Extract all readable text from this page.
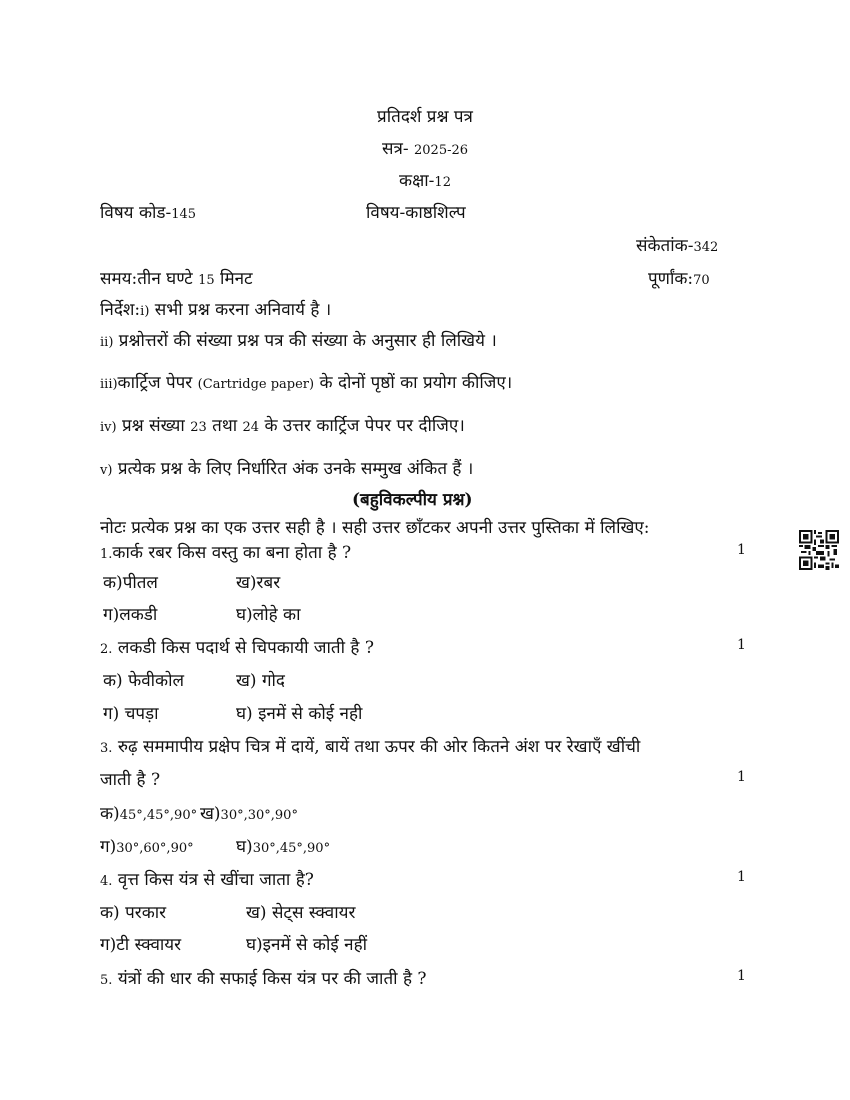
प्रतिदर्श प्रश्न पत्र
सत्र- 2025-26
कक्षा-12
विषय कोड-145	विषय-काष्ठशिल्प
संकेतांक-342
समय:तीन घण्टे 15 मिनट	पूर्णांक:70
निर्देश:i) सभी प्रश्न करना अनिवार्य है ।
ii) प्रश्नोत्तरों की संख्या प्रश्न पत्र की संख्या के अनुसार ही लिखिये ।
iii)कार्ट्रिज पेपर (Cartridge paper) के दोनों पृष्ठों का प्रयोग कीजिए।
iv) प्रश्न संख्या 23 तथा 24 के उत्तर कार्ट्रिज पेपर पर दीजिए।
v) प्रत्येक प्रश्न के लिए निर्धारित अंक उनके सम्मुख अंकित हैं ।
(बहुविकल्पीय प्रश्न)
नोटः प्रत्येक प्रश्न का एक उत्तर सही है । सही उत्तर छाँटकर अपनी उत्तर पुस्तिका में लिखिए:
1.कार्क रबर किस वस्तु का बना होता है ?	1
क)पीतल	ख)रबर
ग)लकडी	घ)लोहे का
2. लकडी किस पदार्थ से चिपकायी जाती है ?	1
क) फेवीकोल	ख) गोद
ग) चपड़ा	घ) इनमें से कोई नही
3. रुढ़ सममापीय प्रक्षेप चित्र में दायें, बायें तथा ऊपर की ओर कितने अंश पर रेखाएँ खींची
जाती है ?	1
क)45°,45°,90° ख)30°,30°,90°
ग)30°,60°,90° घ)30°,45°,90°
4. वृत्त किस यंत्र से खींचा जाता है?	1
क) परकार	ख) सेट्स स्क्वायर
ग)टी स्क्वायर	घ)इनमें से कोई नहीं
5. यंत्रों की धार की सफाई किस यंत्र पर की जाती है ?	1
